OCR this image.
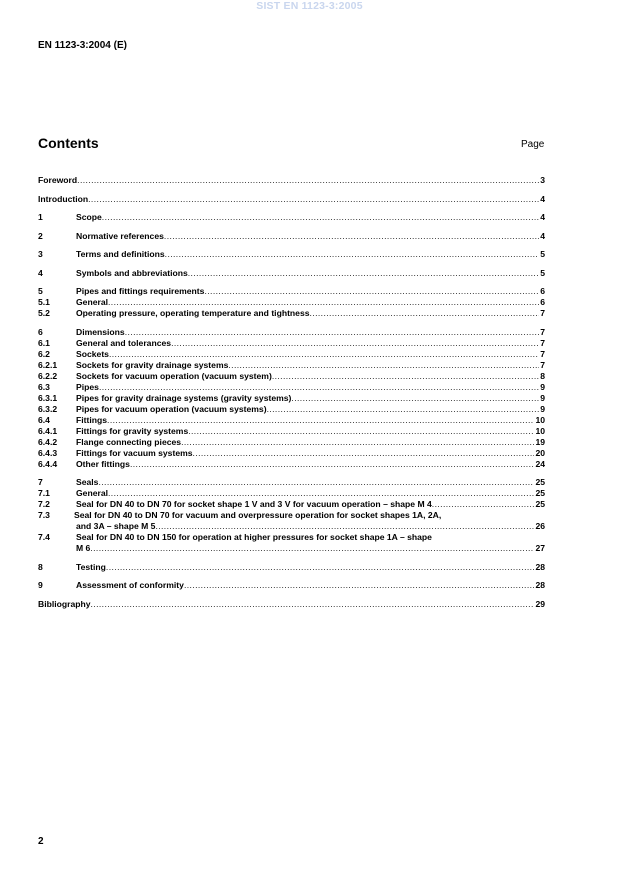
SIST EN 1123-3:2005
EN 1123-3:2004 (E)
Contents	Page
Foreword .....	3
Introduction .....	4
1	Scope .....	4
2	Normative references .....	4
3	Terms and definitions .....	5
4	Symbols and abbreviations .....	5
5	Pipes and fittings requirements .....	6
5.1	General .....	6
5.2	Operating pressure, operating temperature and tightness .....	7
6	Dimensions .....	7
6.1	General and tolerances .....	7
6.2	Sockets .....	7
6.2.1 Sockets for gravity drainage systems .....	7
6.2.2 Sockets for vacuum operation (vacuum system) .....	8
6.3	Pipes .....	9
6.3.1 Pipes for gravity drainage systems (gravity systems) .....	9
6.3.2 Pipes for vacuum operation (vacuum systems) .....	9
6.4	Fittings .....	10
6.4.1 Fittings for gravity systems .....	10
6.4.2 Flange connecting pieces .....	19
6.4.3 Fittings for vacuum systems .....	20
6.4.4 Other fittings .....	24
7	Seals .....	25
7.1	General .....	25
7.2	Seal for DN 40 to DN 70 for socket shape 1 V and 3 V for vacuum operation – shape M 4 .....	25
7.3	Seal for DN 40 to DN 70 for vacuum and overpressure operation for socket shapes 1A, 2A,
and 3A – shape M 5 .....	26
7.4	Seal for DN 40 to DN 150 for operation at higher pressures for socket shape 1A – shape
M 6 .....	27
8	Testing .....	28
9	Assessment of conformity .....	28
Bibliography .....	29
2
